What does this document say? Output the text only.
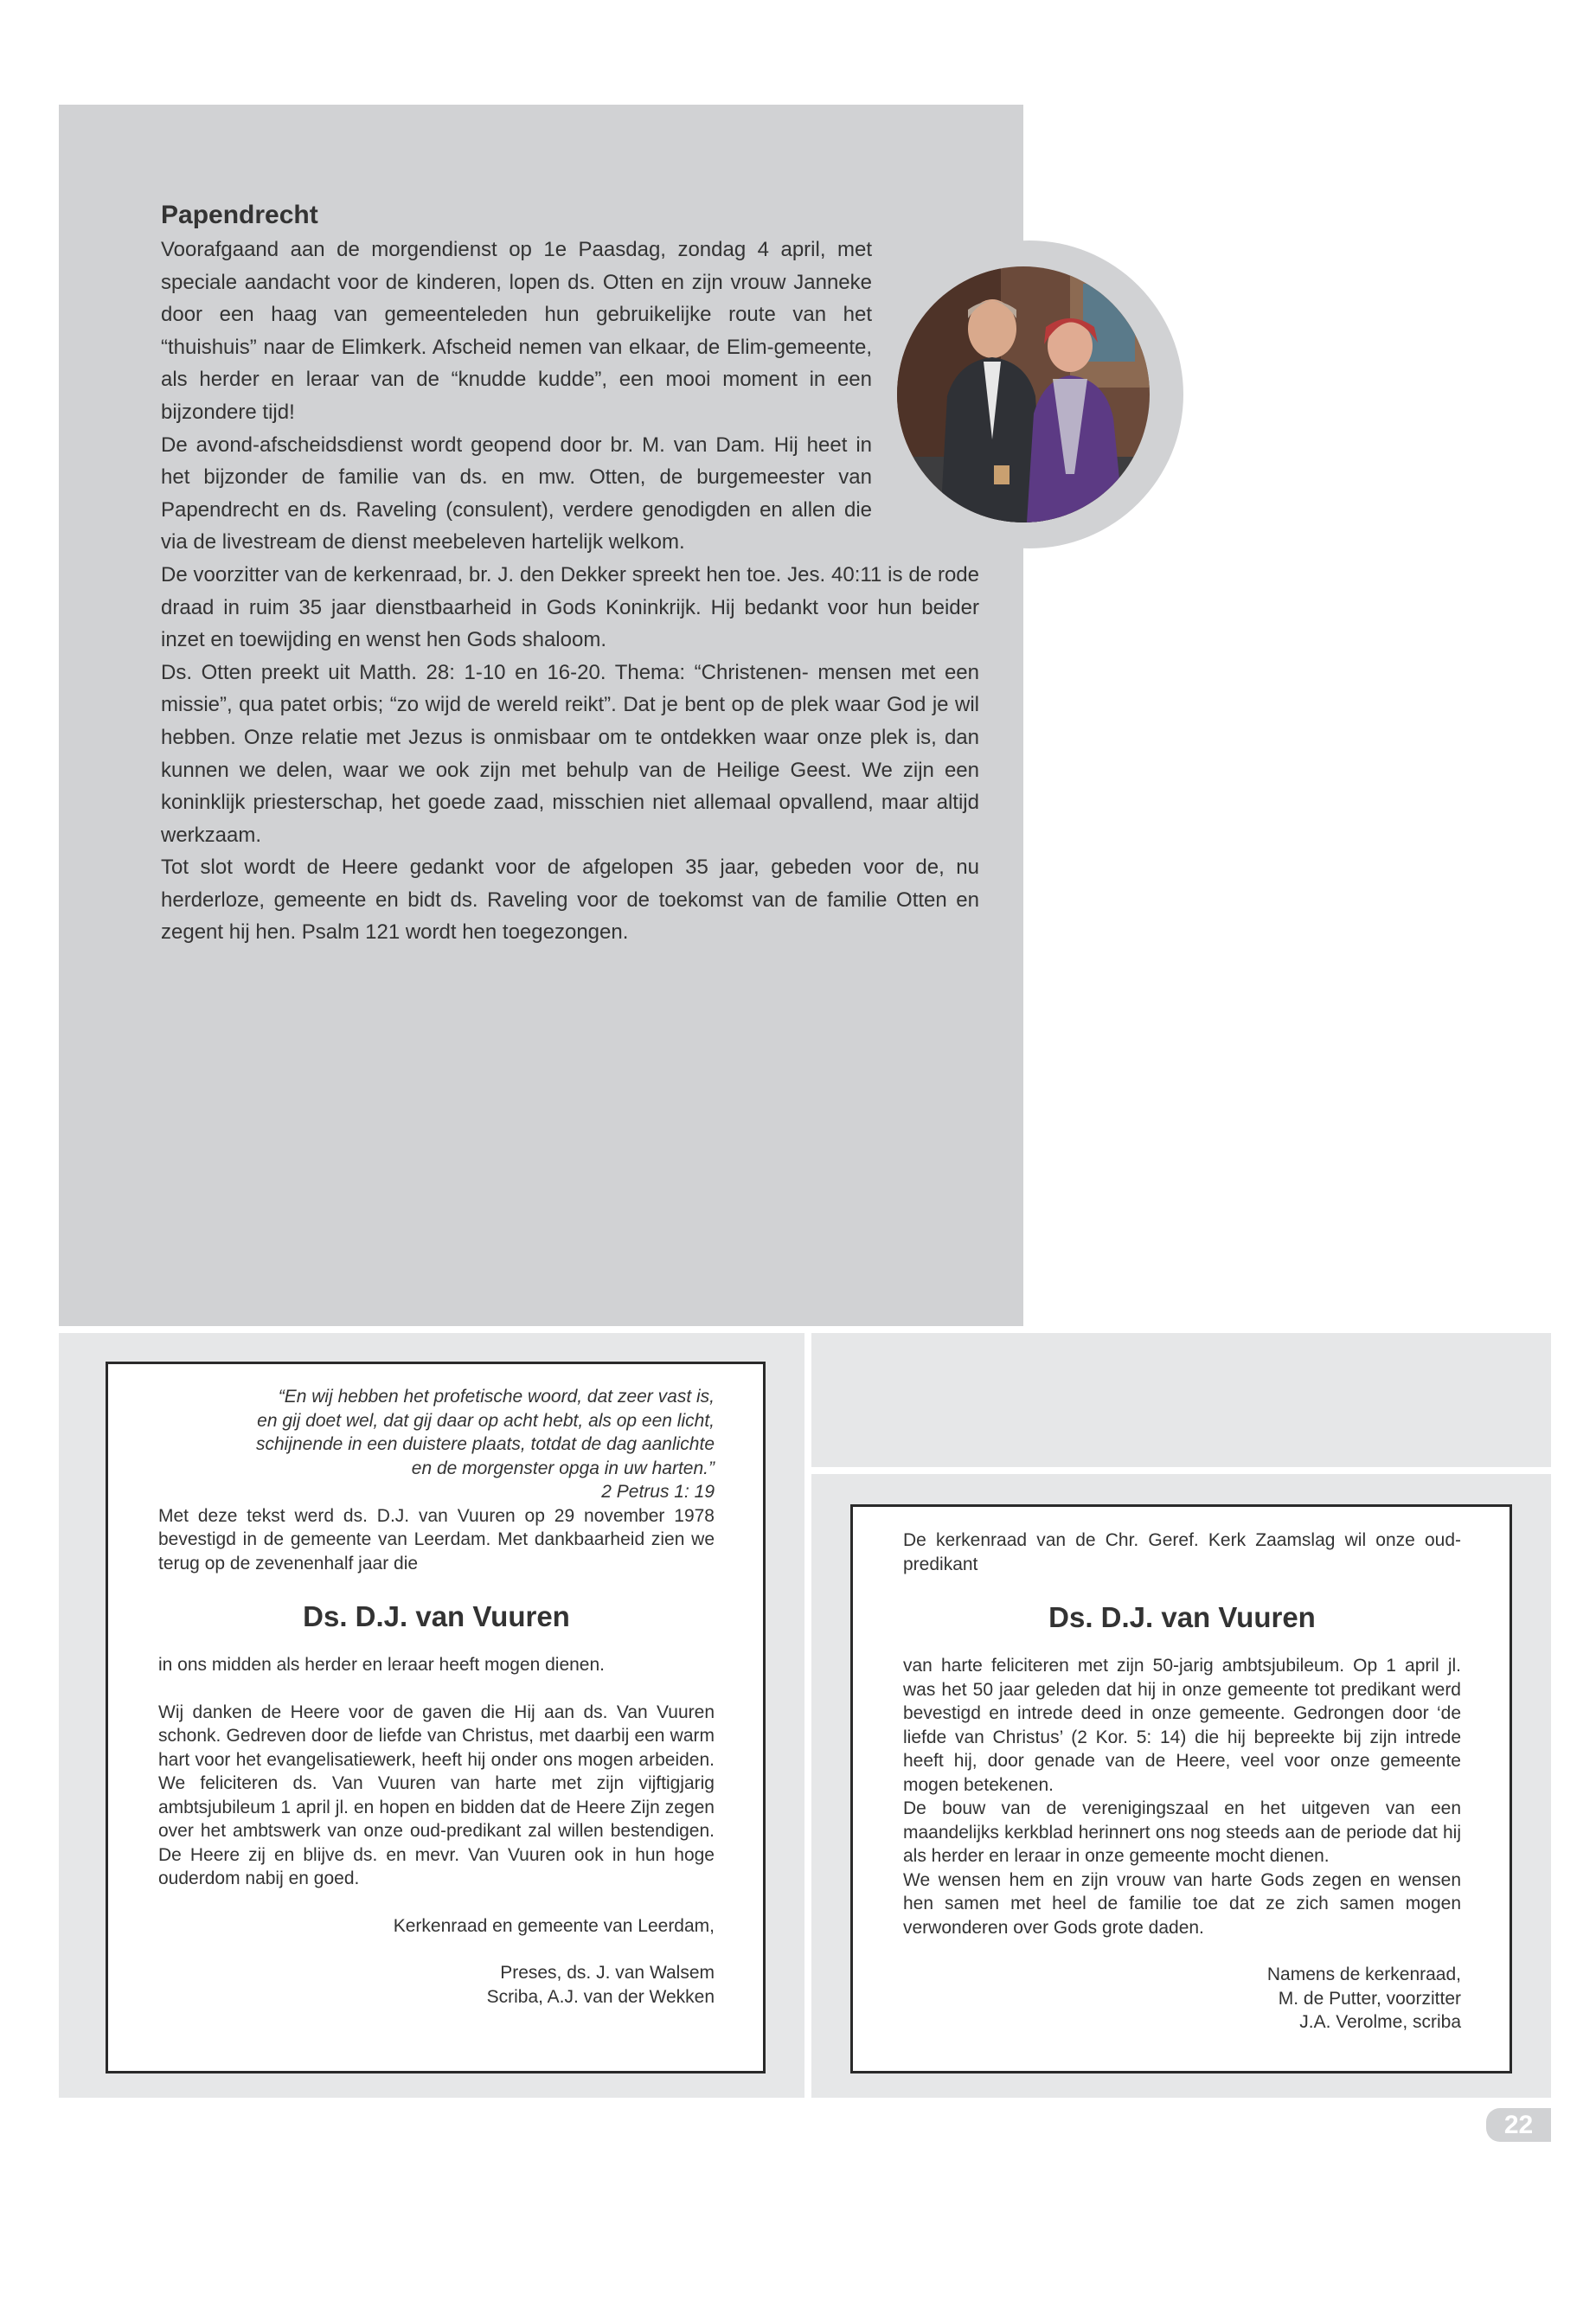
Papendrecht

Voorafgaand aan de morgendienst op 1e Paasdag, zondag 4 april, met speciale aandacht voor de kinderen, lopen ds. Otten en zijn vrouw Janneke door een haag van gemeenteleden hun gebruikelijke route van het “thuishuis” naar de Elimkerk. Afscheid nemen van elkaar, de Elim-gemeente, als herder en leraar van de “knudde kudde”, een mooi moment in een bijzondere tijd!

De avond-afscheidsdienst wordt geopend door br. M. van Dam. Hij heet in het bijzonder de familie van ds. en mw. Otten, de burgemeester van Papendrecht en ds. Raveling (consulent), verdere genodigden en allen die via de livestream de dienst meebeleven hartelijk welkom.

De voorzitter van de kerkenraad, br. J. den Dekker spreekt hen toe. Jes. 40:11 is de rode draad in ruim 35 jaar dienstbaarheid in Gods Koninkrijk. Hij bedankt voor hun beider inzet en toewijding en wenst hen Gods shaloom.

Ds. Otten preekt uit Matth. 28: 1-10 en 16-20. Thema: “Christenen- mensen met een missie”, qua patet orbis; “zo wijd de wereld reikt”. Dat je bent op de plek waar God je wil hebben. Onze relatie met Jezus is onmisbaar om te ontdekken waar onze plek is, dan kunnen we delen, waar we ook zijn met behulp van de Heilige Geest. We zijn een koninklijk priesterschap, het goede zaad, misschien niet allemaal opvallend, maar altijd werkzaam.

Tot slot wordt de Heere gedankt voor de afgelopen 35 jaar, gebeden voor de, nu herderloze, gemeente en bidt ds. Raveling voor de toekomst van de familie Otten en zegent hij hen. Psalm 121 wordt hen toegezongen.

“En wij hebben het profetische woord, dat zeer vast is,

en gij doet wel, dat gij daar op acht hebt, als op een licht,

schijnende in een duistere plaats, totdat de dag aanlichte

en de morgenster opga in uw harten.”

2 Petrus 1: 19

Met deze tekst werd ds. D.J. van Vuuren op 29 november 1978 bevestigd in de gemeente van Leerdam. Met dankbaarheid zien we terug op de zevenenhalf jaar die

Ds. D.J. van Vuuren

in ons midden als herder en leraar heeft mogen dienen.

Wij danken de Heere voor de gaven die Hij aan ds. Van Vuuren schonk. Gedreven door de liefde van Christus, met daarbij een warm hart voor het evangelisatiewerk, heeft hij onder ons mogen arbeiden. We feliciteren ds. Van Vuuren van harte met zijn vijftigjarig ambtsjubileum 1 april jl. en hopen en bidden dat de Heere Zijn zegen over het ambtswerk van onze oud-predikant zal willen bestendigen. De Heere zij en blijve ds. en mevr. Van Vuuren ook in hun hoge ouderdom nabij en goed.

Kerkenraad en gemeente van Leerdam,

Preses, ds. J. van Walsem

Scriba, A.J. van der Wekken

De kerkenraad van de Chr. Geref. Kerk Zaamslag wil onze oud-predikant

Ds. D.J. van Vuuren

van harte feliciteren met zijn 50-jarig ambtsjubileum. Op 1 april jl. was het 50 jaar geleden dat hij in onze gemeente tot predikant werd bevestigd en intrede deed in onze gemeente. Gedrongen door ‘de liefde van Christus’ (2 Kor. 5: 14) die hij bepreekte bij zijn intrede heeft hij, door genade van de Heere, veel voor onze gemeente mogen betekenen.

De bouw van de verenigingszaal en het uitgeven van een maandelijks kerkblad herinnert ons nog steeds aan de periode dat hij als herder en leraar in onze gemeente mocht dienen.

We wensen hem en zijn vrouw van harte Gods zegen en wensen hen samen met heel de familie toe dat ze zich samen mogen verwonderen over Gods grote daden.

Namens de kerkenraad,

M. de Putter, voorzitter

J.A. Verolme, scriba

22
